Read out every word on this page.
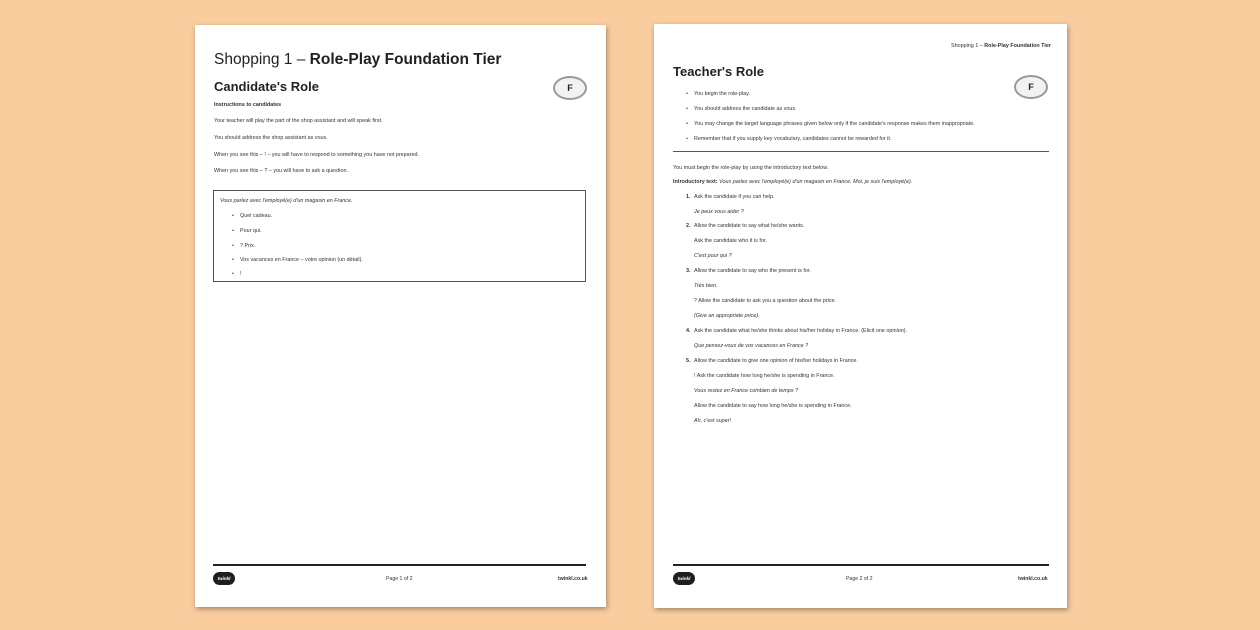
Shopping 1 – Role-Play Foundation Tier
Candidate's Role	F
Instructions to candidates
Your teacher will play the part of the shop assistant and will speak first.
You should address the shop assistant as vous.
When you see this – ! – you will have to respond to something you have not prepared.
When you see this – ? – you will have to ask a question.
Vous parlez avec l'employé(e) d'un magasin en France.
• Quel cadeau.
• Pour qui.
• ? Prix.
• Vos vacances en France – votre opinion (un détail).
• !
twinkl	Page 1 of 2	twinkl.co.uk
Shopping 1 – Role-Play Foundation Tier
Teacher's Role
F
• You begin the role-play.
• You should address the candidate as vous.
• You may change the target language phrases given below only if the candidate's response makes them inappropriate.
• Remember that if you supply key vocabulary, candidates cannot be rewarded for it.
You must begin the role-play by using the introductory text below.
Introductory text: Vous parlez avec l'employé(e) d'un magasin en France. Moi, je suis l'employé(e).
1. Ask the candidate if you can help.
Je peux vous aider ?
2. Allow the candidate to say what he/she wants.
Ask the candidate who it is for.
C'est pour qui ?
3. Allow the candidate to say who the present is for.
Très bien.
? Allow the candidate to ask you a question about the price.
(Give an appropriate price).
4. Ask the candidate what he/she thinks about his/her holiday in France. (Elicit one opinion).
Que pensez-vous de vos vacances en France ?
5. Allow the candidate to give one opinion of his/her holidays in France.
! Ask the candidate how long he/she is spending in France.
Vous restez en France combien de temps ?
Allow the candidate to say how long he/she is spending in France.
Ah, c'est super!
twinkl	Page 2 of 2	twinkl.co.uk
